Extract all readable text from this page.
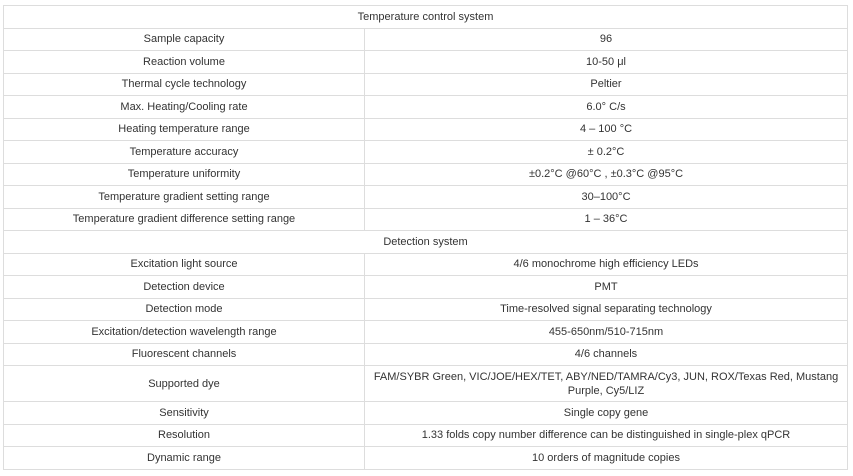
Temperature control system	
Sample capacity	96
Reaction volume	10-50 μl
Thermal cycle technology	Peltier
Max. Heating/Cooling rate	6.0° C/s
Heating temperature range	4 – 100 °C
Temperature accuracy	± 0.2°C
Temperature uniformity	±0.2°C @60°C , ±0.3°C @95°C
Temperature gradient setting range	30–100°C
Temperature gradient difference setting range	1 – 36°C
Detection system	
Excitation light source	4/6 monochrome high efficiency LEDs
Detection device	PMT
Detection mode	Time-resolved signal separating technology
Excitation/detection wavelength range	455-650nm/510-715nm
Fluorescent channels	4/6 channels
Supported dye	FAM/SYBR Green, VIC/JOE/HEX/TET, ABY/NED/TAMRA/Cy3, JUN, ROX/Texas Red, Mustang Purple, Cy5/LIZ
Sensitivity	Single copy gene
Resolution	1.33 folds copy number difference can be distinguished in single-plex qPCR
Dynamic range	10 orders of magnitude copies
